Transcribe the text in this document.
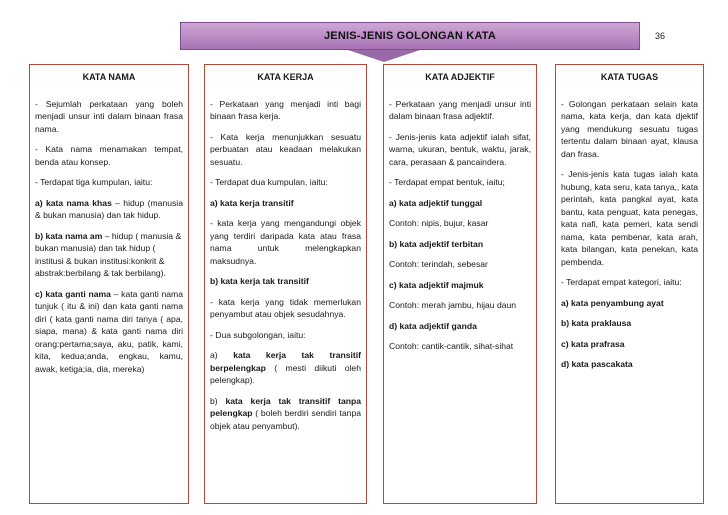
JENIS-JENIS GOLONGAN KATA	36
KATA NAMA

- Sejumlah perkataan yang boleh menjadi unsur inti dalam binaan frasa nama.

- Kata nama menamakan tempat, benda atau konsep.

- Terdapat tiga kumpulan, iaitu:

a) kata nama khas – hidup (manusia & bukan manusia) dan tak hidup.

b) kata nama am – hidup ( manusia & bukan manusia) dan tak hidup ( institusi & bukan institusi:konkrit & abstrak:berbilang & tak berbilang).

c) kata ganti nama – kata ganti nama tunjuk ( itu & ini) dan kata ganti nama diri ( kata ganti nama diri tanya ( apa, siapa, mana) & kata ganti nama diri orang:pertama;saya, aku, patik, kami, kita, kedua;anda, engkau, kamu, awak, ketiga;ia, dia, mereka)

KATA KERJA

- Perkataan yang menjadi inti bagi binaan frasa kerja.

- Kata kerja menunjukkan sesuatu perbuatan atau keadaan melakukan sesuatu.

- Terdapat dua kumpulan, iaitu:

a) kata kerja transitif

- kata kerja yang mengandungi objek yang terdiri daripada kata atau frasa nama untuk melengkapkan maksudnya.

b) kata kerja tak transitif

- kata kerja yang tidak memerlukan penyambut atau objek sesudahnya.

- Dua subgolongan, iaitu:

a) kata kerja tak transitif berpelengkap ( mesti diikuti oleh pelengkap).

b) kata kerja tak transitif tanpa pelengkap ( boleh berdiri sendiri tanpa objek atau penyambut).

KATA ADJEKTIF

- Perkataan yang menjadi unsur inti dalam binaan frasa adjektif.

- Jenis-jenis kata adjektif ialah sifat, warna, ukuran, bentuk, waktu, jarak, cara, perasaan & pancaindera.

- Terdapat empat bentuk, iaitu;

a) kata adjektif tunggal

Contoh: nipis, bujur, kasar

b) kata adjektif terbitan

Contoh: terindah, sebesar

c) kata adjektif majmuk

Contoh: merah jambu, hijau daun

d) kata adjektif ganda

Contoh: cantik-cantik, sihat-sihat

KATA TUGAS

- Golongan perkataan selain kata nama, kata kerja, dan kata djektif yang mendukung sesuatu tugas tertentu dalam binaan ayat, klausa dan frasa.

- Jenis-jenis kata tugas ialah kata hubung, kata seru, kata tanya,, kata perintah, kata pangkal ayat, kata bantu, kata penguat, kata penegas, kata nafi, kata pemeri, kata sendi nama, kata pembenar, kata arah, kata bilangan, kata penekan, kata pembenda.

- Terdapat empat kategori, iaitu:

a) kata penyambung ayat

b) kata praklausa

c) kata prafrasa

d) kata pascakata
